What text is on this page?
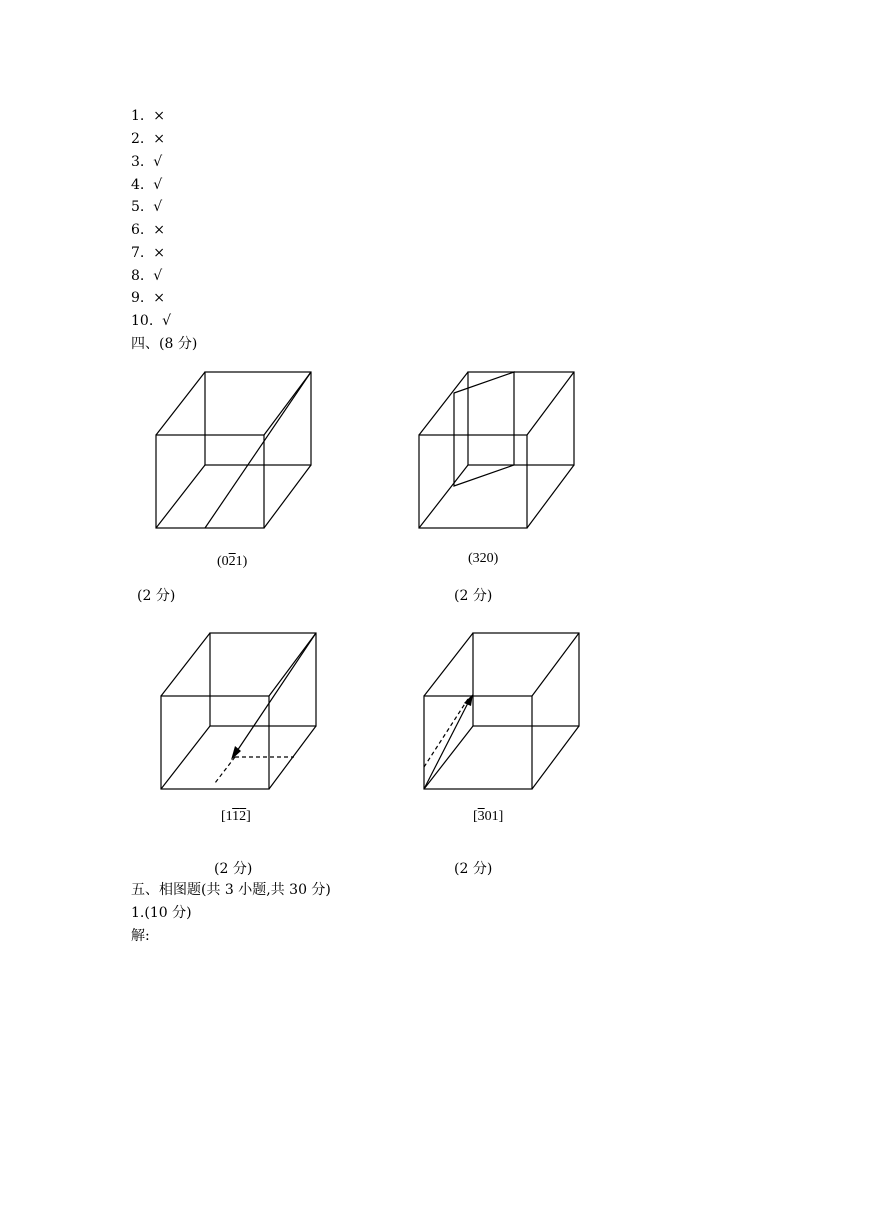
1. ×
2. ×
3. √
4. √
5. √
6. ×
7. ×
8. √
9. ×
10. √
四、(8 分)
(021)
(2 分)
(320)
(2 分)
[112]
(2 分)
[301]
(2 分)
五、相图题(共 3 小题,共 30 分)
1.(10 分)
解:
